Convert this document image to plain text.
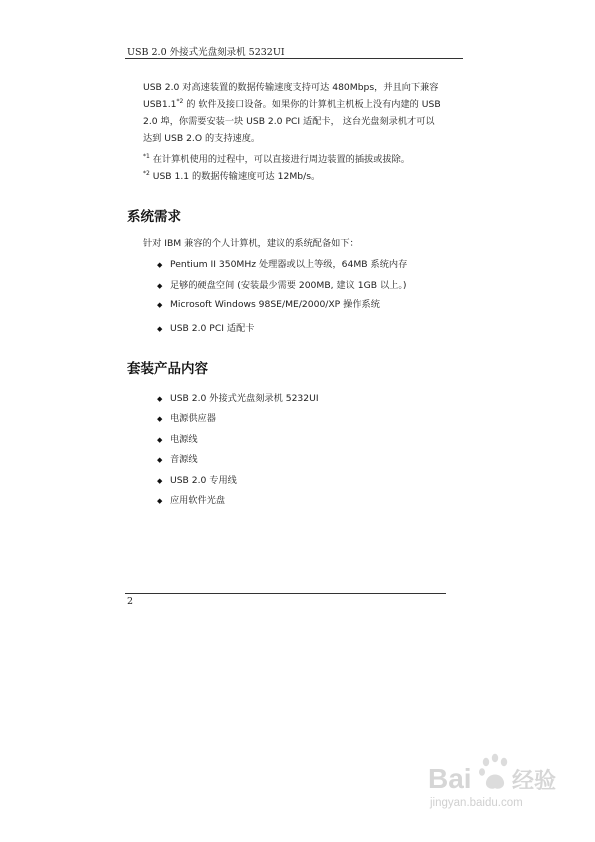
USB 2.0 外接式光盘刻录机 5232UI

USB 2.0 对高速装置的数据传输速度支持可达 480Mbps，并且向下兼容

USB1.1$^{*2}$ 的 软件及接口设备。如果你的计算机主机板上没有内建的 USB

2.0 埠，你需要安装一块 USB 2.0 PCI 适配卡， 这台光盘刻录机才可以

达到 USB 2.O 的支持速度。

$^{*1}$ 在计算机使用的过程中，可以直接进行周边装置的插拔或拔除。
$^{*2}$ USB 1.1 的数据传输速度可达 12Mb/s。
系统需求
针对 IBM 兼容的个人计算机，建议的系统配备如下：
◆ Pentium II 350MHz 处理器或以上等级，64MB 系统内存
◆ 足够的硬盘空间 (安装最少需要 200MB, 建议 1GB 以上。)
◆ Microsoft Windows 98SE/ME/2000/XP 操作系统
◆ USB 2.0 PCI 适配卡
套装产品内容
◆ USB 2.0 外接式光盘刻录机 5232UI
◆ 电源供应器
◆ 电源线
◆ 音源线
◆ USB 2.0 专用线
◆ 应用软件光盘
2
Bai 经验
jingyan.baidu.com
